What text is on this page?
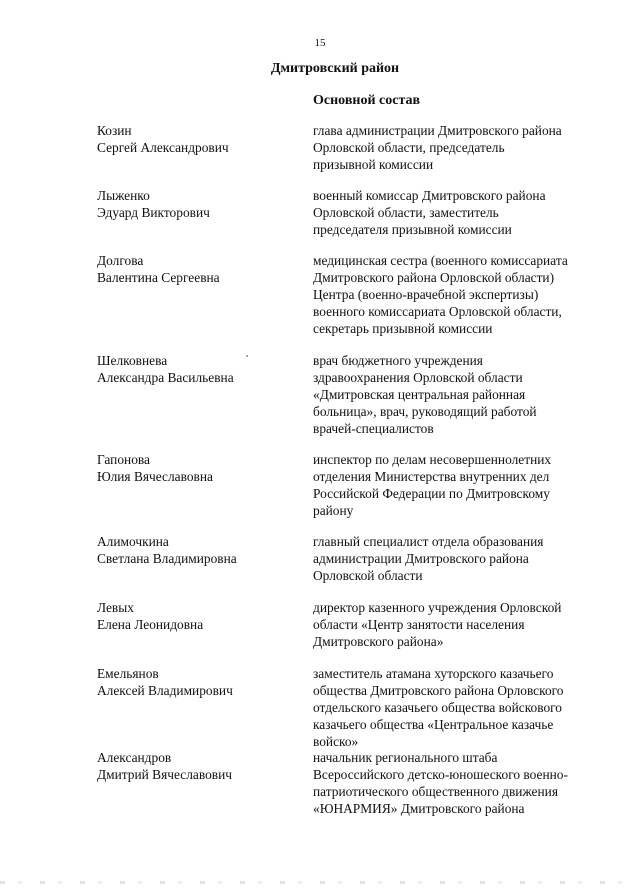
15
Дмитровский район
Основной состав
Козин
Сергей Александрович
глава администрации Дмитровского района
Орловской области, председатель
призывной комиссии
Лыженко
Эдуард Викторович
военный комиссар Дмитровского района
Орловской области, заместитель
председателя призывной комиссии
Долгова
Валентина Сергеевна
медицинская сестра (военного комиссариата
Дмитровского района Орловской области)
Центра (военно-врачебной экспертизы)
военного комиссариата Орловской области,
секретарь призывной комиссии
Шелковнева
Александра Васильевна
врач бюджетного учреждения
здравоохранения Орловской области
«Дмитровская центральная районная
больница», врач, руководящий работой
врачей-специалистов
Гапонова
Юлия Вячеславовна
инспектор по делам несовершеннолетних
отделения Министерства внутренних дел
Российской Федерации по Дмитровскому
району
Алимочкина
Светлана Владимировна
главный специалист отдела образования
администрации Дмитровского района
Орловской области
Левых
Елена Леонидовна
директор казенного учреждения Орловской
области «Центр занятости населения
Дмитровского района»
Емельянов
Алексей Владимирович
заместитель атамана хуторского казачьего
общества Дмитровского района Орловского
отдельского казачьего общества войскового
казачьего общества «Центральное казачье
войско»
Александров
Дмитрий Вячеславович
начальник регионального штаба
Всероссийского детско-юношеского военно-
патриотического общественного движения
«ЮНАРМИЯ» Дмитровского района
